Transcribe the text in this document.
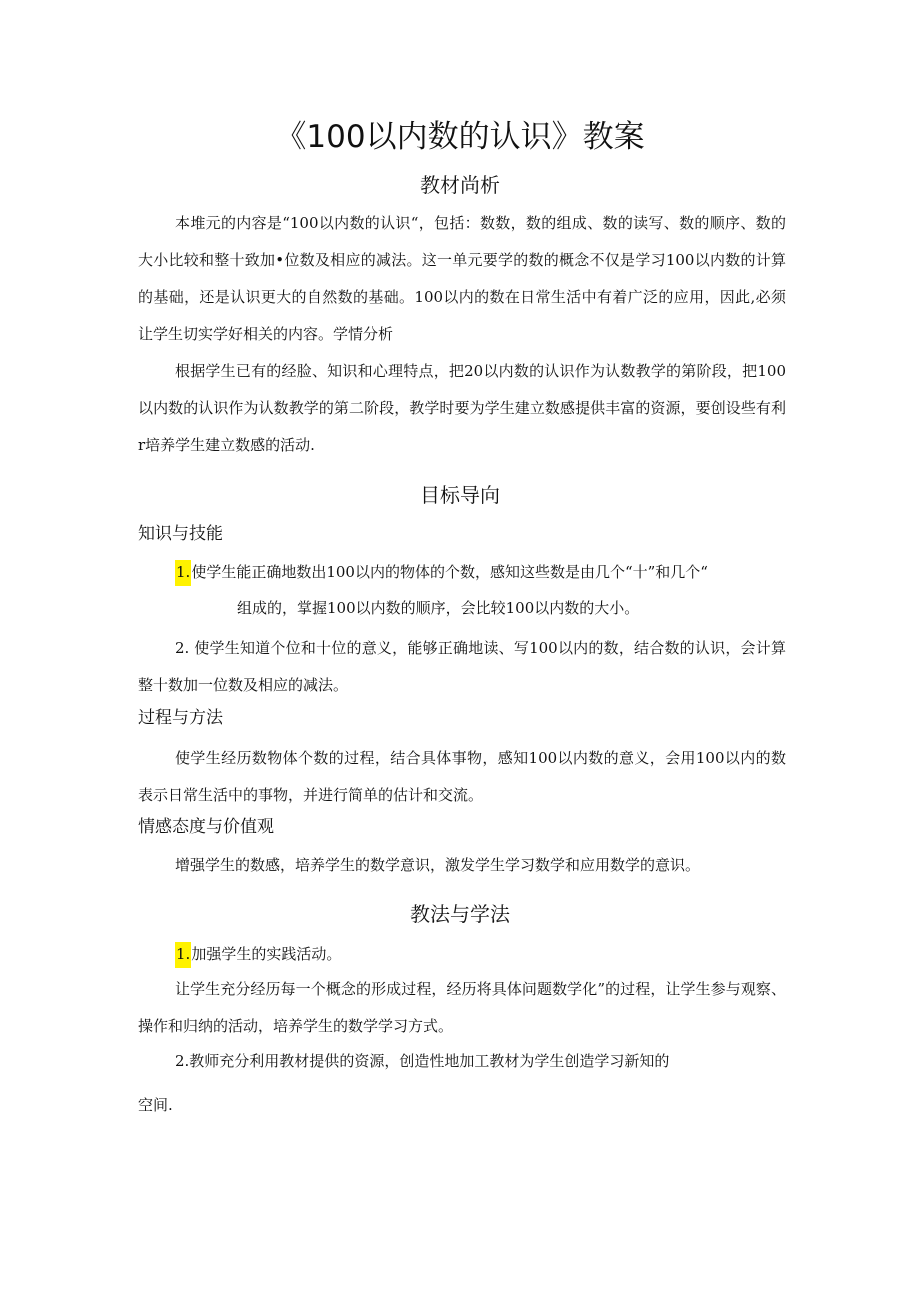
《100以内数的认识》教案
教材尚析

本堆元的内容是“100以内数的认识“，包括：数数，数的组成、数的读写、数的顺序、数的大小比较和整十致加•位数及相应的减法。这一单元要学的数的概念不仅是学习100以内数的计算的基础，还是认识更大的自然数的基础。100以内的数在日常生活中有着广泛的应用，因此,必须让学生切实学好相关的内容。学情分析

根据学生已有的经脸、知识和心理特点，把20以内数的认识作为认数教学的第阶段，把100以内数的认识作为认数教学的第二阶段，教学时要为学生建立数感提供丰富的资源，要创设些有利r培养学生建立数感的活动.

目标导向
知识与技能
1.使学生能正确地数出100以内的物体的个数，感知这些数是由几个“十”和几个“
组成的，掌握100以内数的顺序，会比较100以内数的大小。

2. 使学生知道个位和十位的意义，能够正确地读、写100以内的数，结合数的认识，会计算整十数加一位数及相应的减法。

过程与方法

使学生经历数物体个数的过程，结合具体事物，感知100以内数的意义，会用100以内的数表示日常生活中的事物，并进行简单的估计和交流。

情感态度与价值观

增强学生的数感，培养学生的数学意识，激发学生学习数学和应用数学的意识。

教法与学法
1.加强学生的实践活动。

让学生充分经历每一个概念的形成过程，经历将具体问题数学化”的过程，让学生参与观察、操作和归纳的活动，培养学生的数学学习方式。

2.教师充分利用教材提供的资源，创造性地加工教材为学生创造学习新知的
空间.
